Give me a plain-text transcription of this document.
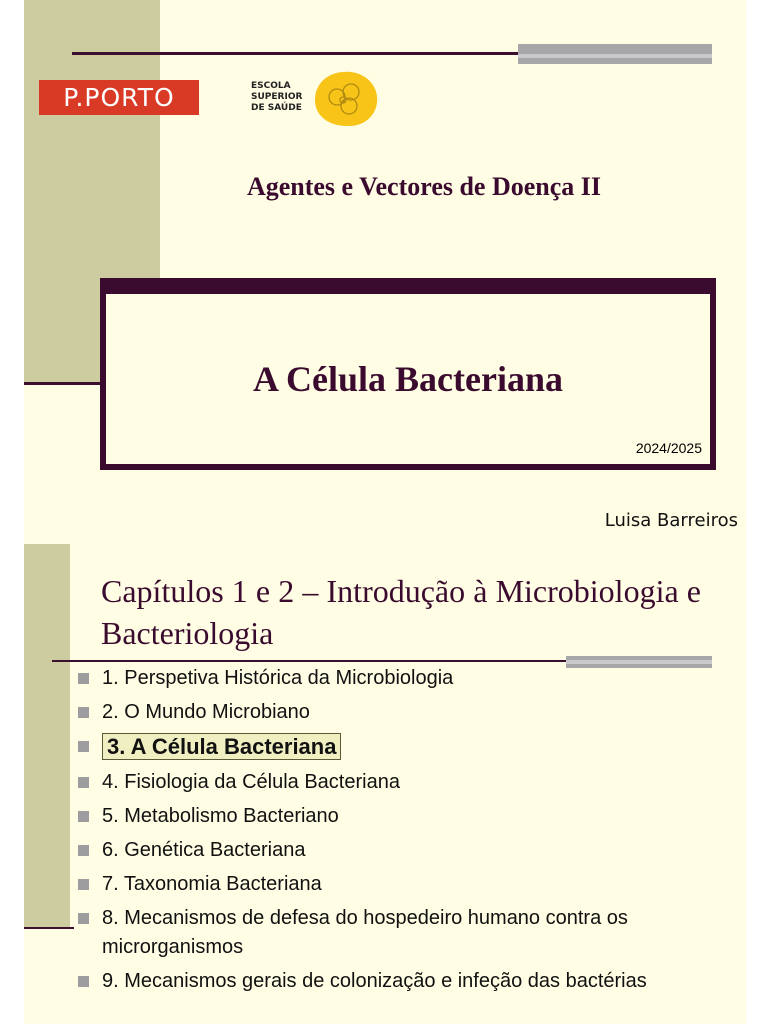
P.PORTO	ESCOLA
SUPERIOR
DE SAÚDE
Agentes e Vectores de Doença II
A Célula Bacteriana
2024/2025
Luisa Barreiros
Capítulos 1 e 2 – Introdução à Microbiologia e Bacteriologia
1. Perspetiva Histórica da Microbiologia
2. O Mundo Microbiano
3. A Célula Bacteriana
4. Fisiologia da Célula Bacteriana
5. Metabolismo Bacteriano
6. Genética Bacteriana
7. Taxonomia Bacteriana
8. Mecanismos de defesa do hospedeiro humano contra os microrganismos
9. Mecanismos gerais de colonização e infeção das bactérias
